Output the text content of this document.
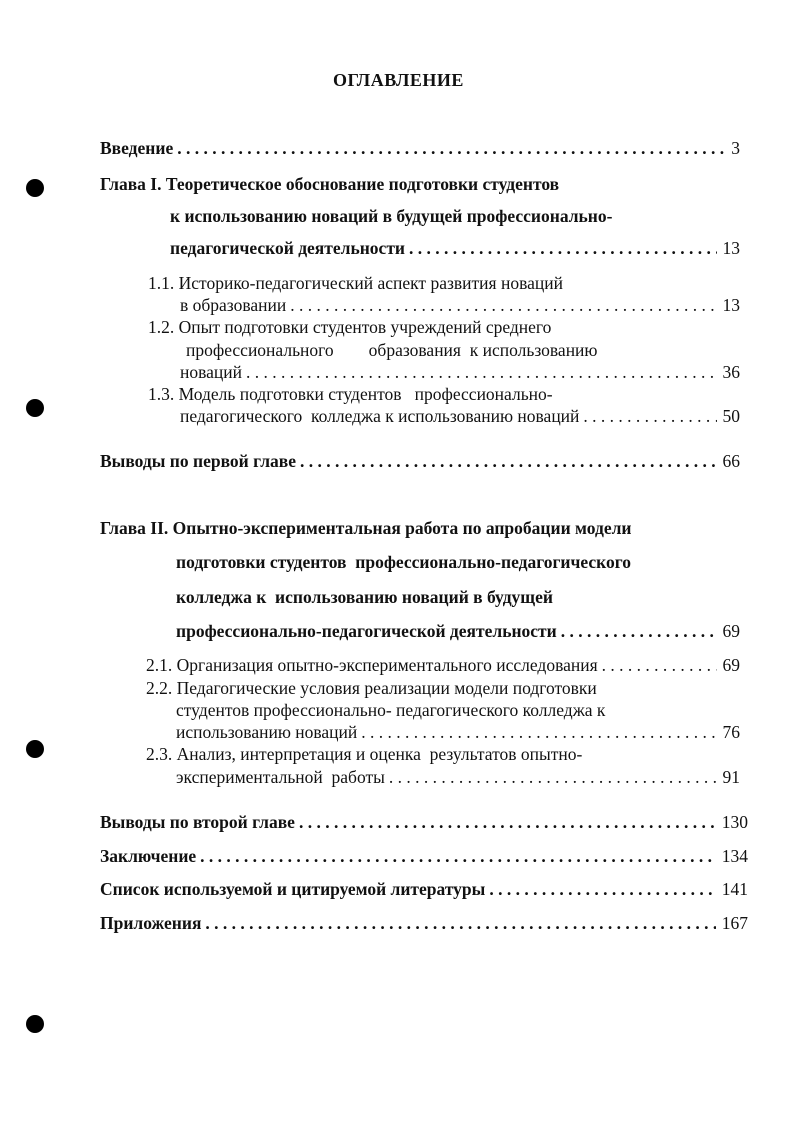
ОГЛАВЛЕНИЕ
Введение . . .	3
Глава I. Теоретическое обоснование подготовки студентов
к использованию новаций в будущей профессионально-
педагогической деятельности . . .	13
1.1. Историко-педагогический аспект развития новаций
в образовании . . .	13
1.2. Опыт подготовки студентов учреждений среднего
профессионального        образования  к использованию
новаций . . .	36
1.3. Модель подготовки студентов   профессионально-
педагогического  колледжа к использованию новаций . . .	50
Выводы по первой главе . . .	66
Глава II. Опытно-экспериментальная работа по апробации модели
подготовки студентов  профессионально-педагогического
колледжа к  использованию новаций в будущей
профессионально-педагогической деятельности . . .	69
2.1. Организация опытно-экспериментального исследования . . .	69
2.2. Педагогические условия реализации модели подготовки
студентов профессионально- педагогического колледжа к
использованию новаций . . .	76
2.3. Анализ, интерпретация и оценка  результатов опытно-
экспериментальной  работы . . .	91
Выводы по второй главе . . .	130
Заключение . . .	134
Список используемой и цитируемой литературы . . .	141
Приложения . . .	167
